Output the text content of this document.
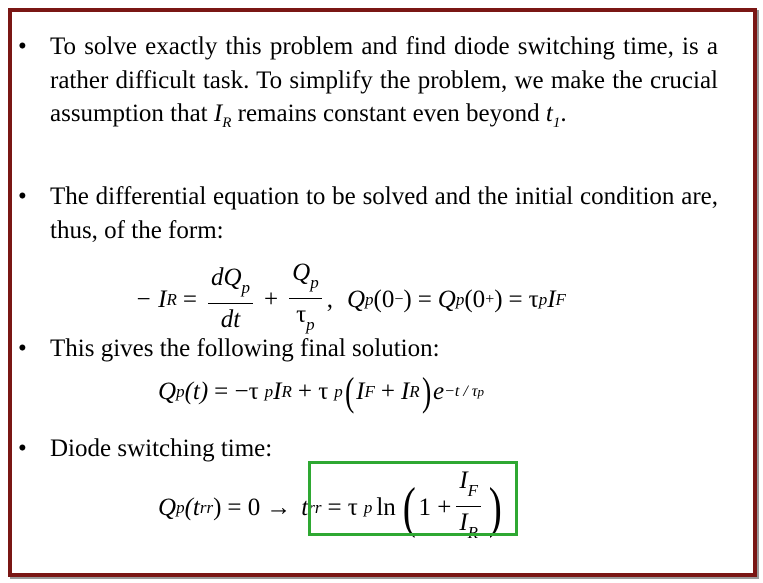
• To solve exactly this problem and find diode switching time, is a rather difficult task. To simplify the problem, we make the crucial assumption that $I_R$ remains constant even beyond $t_1$.
• The differential equation to be solved and the initial condition are, thus, of the form:
− I $R = \frac{dQ_p}{dt} + \frac{Q_p}{\tau_p}$ , Q p (0 − ) = Q p (0 + ) = τ p I F
• This gives the following final solution:
Q p (t) = −τ p I R + τ p ( I F + I R ) e −t / τ p
• Diode switching time:
Q p (t rr ) = 0 → t rr = τ p ln ( $1 + \frac{I_F}{I_R}$ )
